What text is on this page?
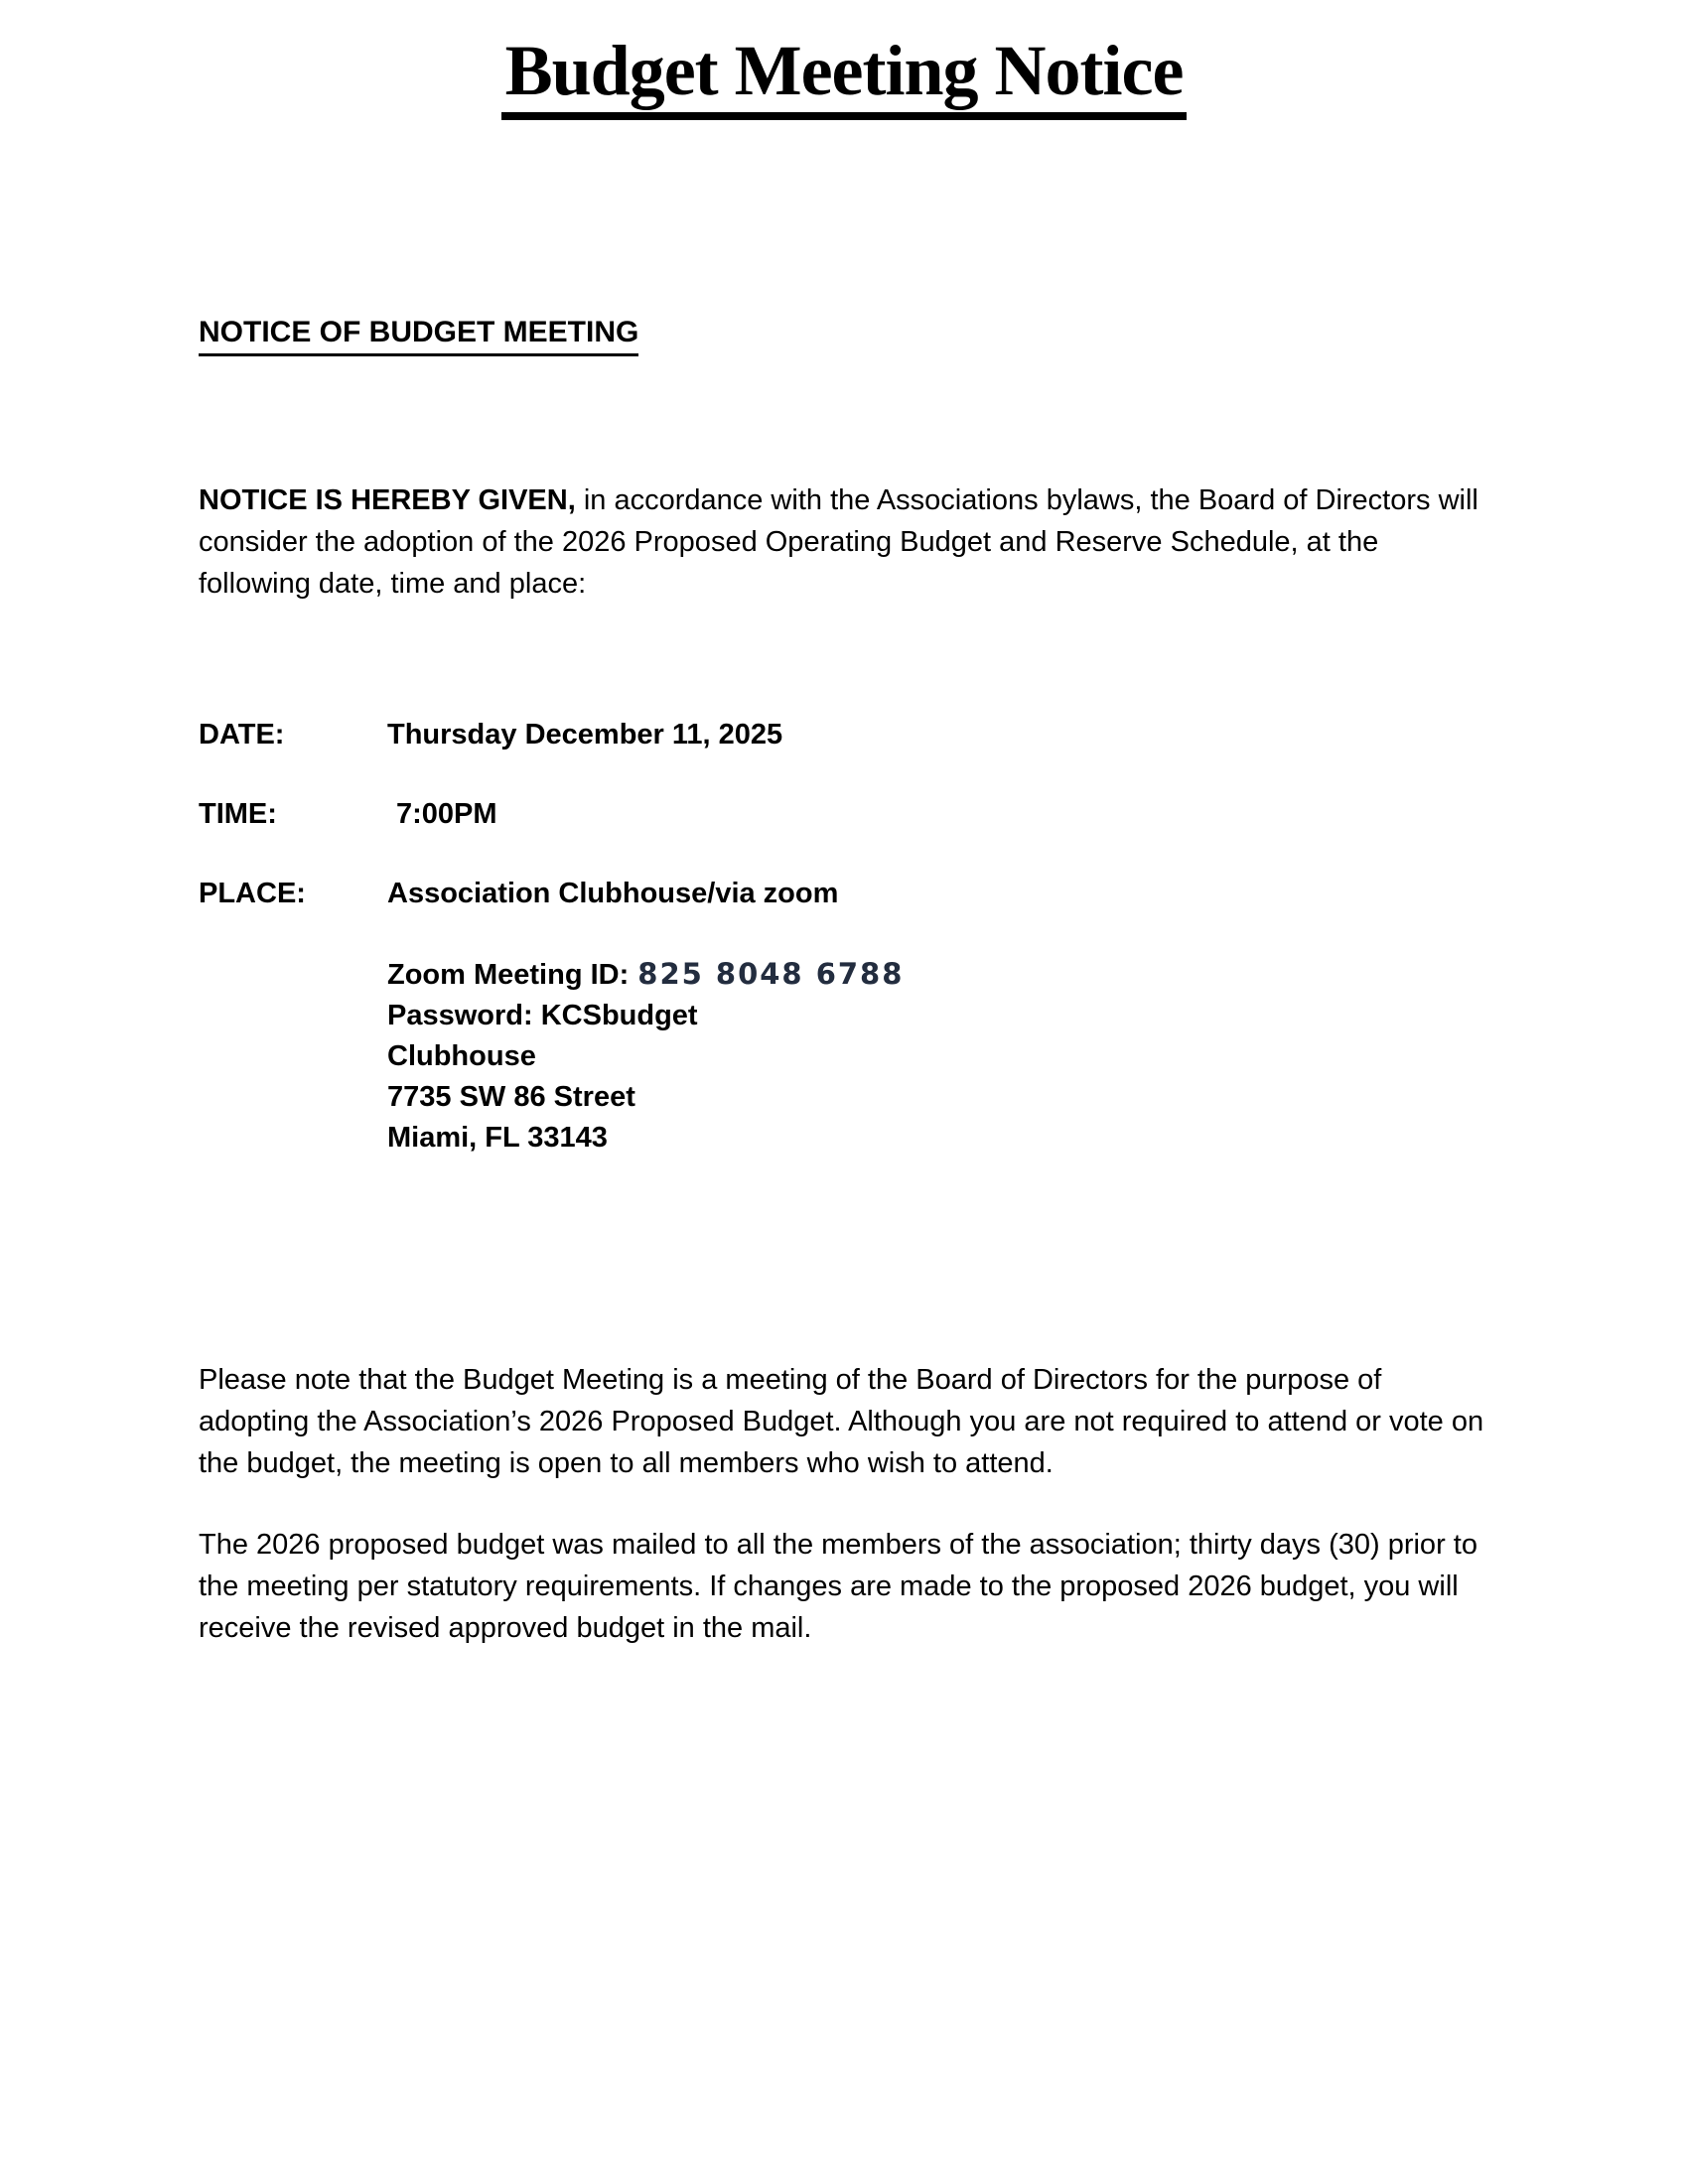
Budget Meeting Notice
NOTICE OF BUDGET MEETING

NOTICE IS HEREBY GIVEN, in accordance with the Associations bylaws, the Board of Directors will consider the adoption of the 2026 Proposed Operating Budget and Reserve Schedule, at the following date, time and place:

DATE:	Thursday December 11, 2025
TIME:	7:00PM
PLACE:	Association Clubhouse/via zoom
Zoom Meeting ID: 825 8048 6788
Password: KCSbudget
Clubhouse
7735 SW 86 Street
Miami, FL 33143

Please note that the Budget Meeting is a meeting of the Board of Directors for the purpose of adopting the Association’s 2026 Proposed Budget. Although you are not required to attend or vote on the budget, the meeting is open to all members who wish to attend.

The 2026 proposed budget was mailed to all the members of the association; thirty days (30) prior to the meeting per statutory requirements. If changes are made to the proposed 2026 budget, you will receive the revised approved budget in the mail.
